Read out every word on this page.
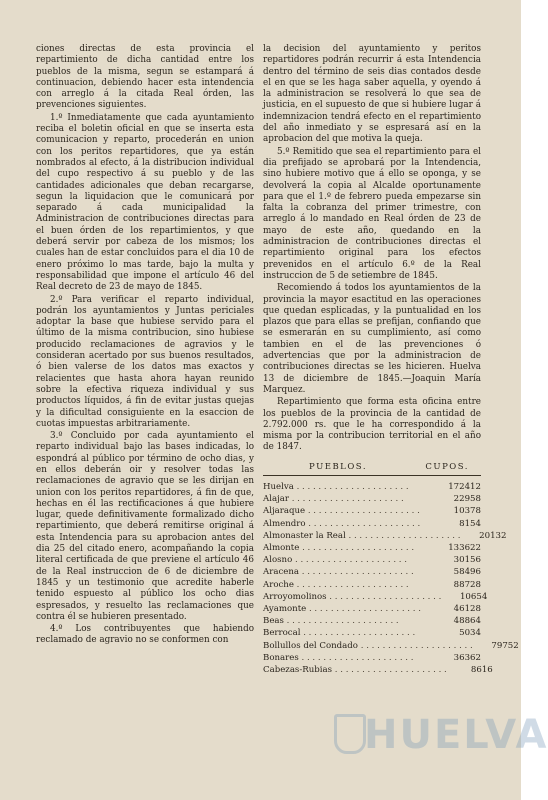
ciones directas de esta provincia el repartimiento de dicha cantidad entre los pueblos de la misma, segun se estampará á continuacion, debiendo hacer esta intendencia con arreglo á la citada Real órden, las prevenciones siguientes.

1.º Inmediatamente que cada ayuntamiento reciba el boletin oficial en que se inserta esta comunicacion y reparto, procederán en union con los peritos repartidores, que ya están nombrados al efecto, á la distribucion individual del cupo respectivo á su pueblo y de las cantidades adicionales que deban recargarse, segun la liquidacion que le comunicará por separado á cada municipalidad la Administracion de contribuciones directas para el buen órden de los repartimientos, y que deberá servir por cabeza de los mismos; los cuales han de estar concluidos para el dia 10 de enero próximo lo mas tarde, bajo la multa y responsabilidad que impone el artículo 46 del Real decreto de 23 de mayo de 1845.

2.º Para verificar el reparto individual, podrán los ayuntamientos y Juntas periciales adoptar la base que hubiese servido para el último de la misma contribucion, sino hubiese producido reclamaciones de agravios y le consideran acertado por sus buenos resultados, ó bien valerse de los datos mas exactos y relacientes que hasta ahora hayan reunido sobre la efectiva riqueza individual y sus productos líquidos, á fin de evitar justas quejas y la dificultad consiguiente en la esaccion de cuotas impuestas arbitrariamente.

3.º Concluido por cada ayuntamiento el reparto individual bajo las bases indicadas, lo espondrá al público por término de ocho dias, y en ellos deberán oir y resolver todas las reclamaciones de agravio que se les dirijan en union con los peritos repartidores, á fin de que, hechas en él las rectificaciones á que hubiere lugar, quede definitivamente formalizado dicho repartimiento, que deberá remitirse original á esta Intendencia para su aprobacion antes del dia 25 del citado enero, acompañando la copia literal certificada de que previene el artículo 46 de la Real instruccion de 6 de diciembre de 1845 y un testimonio que acredite haberle tenido espuesto al público los ocho dias espresados, y resuelto las reclamaciones que contra él se hubieren presentado.

4.º Los contribuyentes que habiendo reclamado de agravio no se conformen con

la decision del ayuntamiento y peritos repartidores podrán recurrir á esta Intendencia dentro del término de seis dias contados desde el en que se les haga saber aquella, y oyendo á la administracion se resolverá lo que sea de justicia, en el supuesto de que si hubiere lugar á indemnizacion tendrá efecto en el repartimiento del año inmediato y se espresará así en la aprobacion del que motiva la queja.

5.º Remitido que sea el repartimiento para el dia prefijado se aprobará por la Intendencia, sino hubiere motivo que á ello se oponga, y se devolverá la copia al Alcalde oportunamente para que el 1.º de febrero pueda empezarse sin falta la cobranza del primer trimestre, con arreglo á lo mandado en Real órden de 23 de mayo de este año, quedando en la administracion de contribuciones directas el repartimiento original para los efectos prevenidos en el artículo 6.º de la Real instruccion de 5 de setiembre de 1845.

Recomiendo á todos los ayuntamientos de la provincia la mayor esactitud en las operaciones que quedan esplicadas, y la puntualidad en los plazos que para ellas se prefijan, confiando que se esmerarán en su cumplimiento, así como tambien en el de las prevenciones ó advertencias que por la administracion de contribuciones directas se les hicieren. Huelva 13 de diciembre de 1845.—Joaquin María Marquez.

Repartimiento que forma esta oficina entre los pueblos de la provincia de la cantidad de 2.792.000 rs. que le ha correspondido á la misma por la contribucion territorial en el año de 1847.

PUEBLOS.	CUPOS.
Huelva . . .	172412
Alajar . . .	22958
Aljaraque . . .	10378
Almendro . . .	8154
Almonaster la Real . . .	20132
Almonte . . .	133622
Alosno . . .	30156
Aracena . . .	58496
Aroche . . .	88728
Arroyomolinos . . .	10654
Ayamonte . . .	46128
Beas . . .	48864
Berrocal . . .	5034
Bollullos del Condado . . .	79752
Bonares . . .	36362
Cabezas-Rubias . . .	8616
HUELVA
